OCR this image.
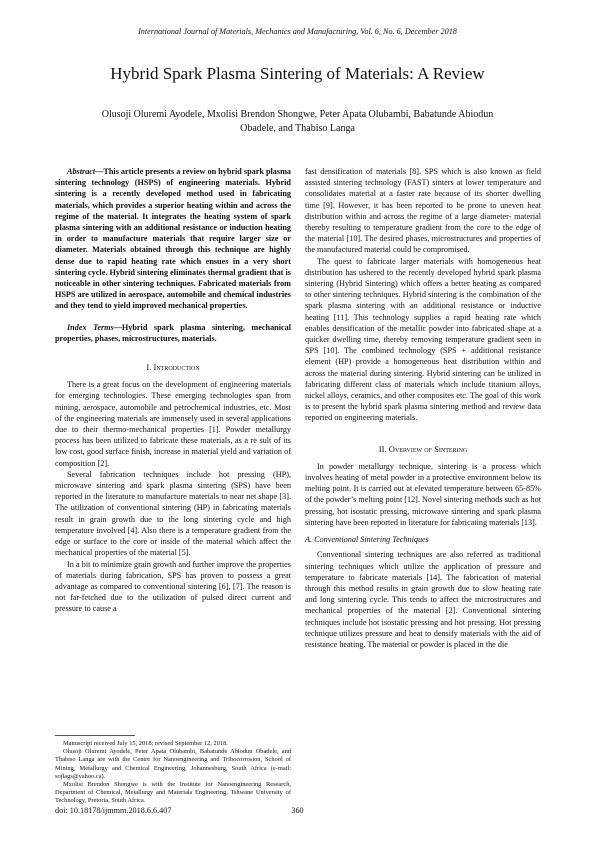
International Journal of Materials, Mechanics and Manufacturing, Vol. 6, No. 6, December 2018
Hybrid Spark Plasma Sintering of Materials: A Review
Olusoji Oluremi Ayodele, Mxolisi Brendon Shongwe, Peter Apata Olubambi, Babatunde Abiodun
Obadele, and Thabiso Langa

Abstract—This article presents a review on hybrid spark plasma sintering technology (HSPS) of engineering materials. Hybrid sintering is a recently developed method used in fabricating materials, which provides a superior heating within and across the regime of the material. It integrates the heating system of spark plasma sintering with an additional resistance or induction heating in order to manufacture materials that require larger size or diameter. Materials obtained through this technique are highly dense due to rapid heating rate which ensues in a very short sintering cycle. Hybrid sintering eliminates thermal gradient that is noticeable in other sintering techniques. Fabricated materials from HSPS are utilized in aerospace, automobile and chemical industries and they tend to yield improved mechanical properties.

Index Terms—Hybrid spark plasma sintering, mechanical properties, phases, microstructures, materials.

I. Introduction

There is a great focus on the development of engineering materials for emerging technologies. These emerging technologies span from mining, aerospace, automobile and petrochemical industries, etc. Most of the engineering materials are immensely used in several applications due to their thermo-mechanical properties [1]. Powder metallurgy process has been utilized to fabricate these materials, as a re sult of its low cost, good surface finish, increase in material yield and variation of composition [2].

Several fabrication techniques include hot pressing (HP), microwave sintering and spark plasma sintering (SPS) have been reported in the literature to manufacture materials to near net shape [3]. The utilization of conventional sintering (HP) in fabricating materials result in grain growth due to the long sintering cycle and high temperature involved [4]. Also there is a temperature gradient from the edge or surface to the core or inside of the material which affect the mechanical properties of the material [5].

In a bit to minimize grain growth and further improve the properties of materials during fabrication, SPS has proven to possess a great advantage as compared to conventional sintering [6], [7]. The reason is not far-fetched due to the utilization of pulsed direct current and pressure to cause a

fast densification of materials [8]. SPS which is also known as field assisted sintering technology (FAST) sinters at lower temperature and consolidates material at a faster rate because of its shorter dwelling time [9]. However, it has been reported to be prone to uneven heat distribution within and across the regime of a large diameter- material thereby resulting to temperature gradient from the core to the edge of the material [10]. The desired phases, microstructures and properties of the manufactured material could be compromised.

The quest to fabricate larger materials with homogeneous heat distribution has ushered to the recently developed hybrid spark plasma sintering (Hybrid Sintering) which offers a better heating as compared to other sintering techniques. Hybrid sintering is the combination of the spark plasma sintering with an additional resistance or inductive heating [11]. This technology supplies a rapid heating rate which enables densification of the metallic powder into fabricated shape at a quicker dwelling time, thereby removing temperature gradient seen in SPS [10]. The combined technology (SPS + additional resistance element (HP) provide a homogeneous heat distribution within and across the material during sintering. Hybrid sintering can be utilized in fabricating different class of materials which include titanium alloys, nickel alloys, ceramics, and other composites etc. The goal of this work is to present the hybrid spark plasma sintering method and review data reported on engineering materials.

II. Overview of Sintering

In powder metallurgy technique, sintering is a process which involves heating of metal powder in a protective environment below its melting point. It is carried out at elevated temperature between 65-85% of the powder’s melting point [12]. Novel sintering methods such as hot pressing, hot isostatic pressing, microwave sintering and spark plasma sintering have been reported in literature for fabricating materials [13].

A. Conventional Sintering Techniques

Conventional sintering techniques are also referred as traditional sintering techniques which utilize the application of pressure and temperature to fabricate materials [14]. The fabrication of material through this method results in grain growth due to slow heating rate and long sintering cycle. This tends to affect the microstructures and mechanical properties of the material [2]. Conventional sintering techniques include hot isostatic pressing and hot pressing. Hot pressing technique utilizes pressure and heat to densify materials with the aid of resistance heating. The material or powder is placed in the die

Manuscript received July 15, 2018; revised September 12, 2018.

Olusoji Oluremi Ayodele, Peter Apata Olubambi, Babatunde Abiodun Obadele, and Thabiso Langa are with the Centre for Nanoengineering and Tribocorrosion, School of Mining, Metallurgy and Chemical Engineering, Johannesburg, South Africa (e-mail: sojlags@yahoo.ca).

Mxolisi Brendon Shongwe is with the Institute for Nanoengineering Research, Department of Chemical, Metallurgy and Materials Engineering, Tshwane University of Technology, Pretoria, South Africa.

doi: 10.18178/ijmmm.2018.6.6.407	360
